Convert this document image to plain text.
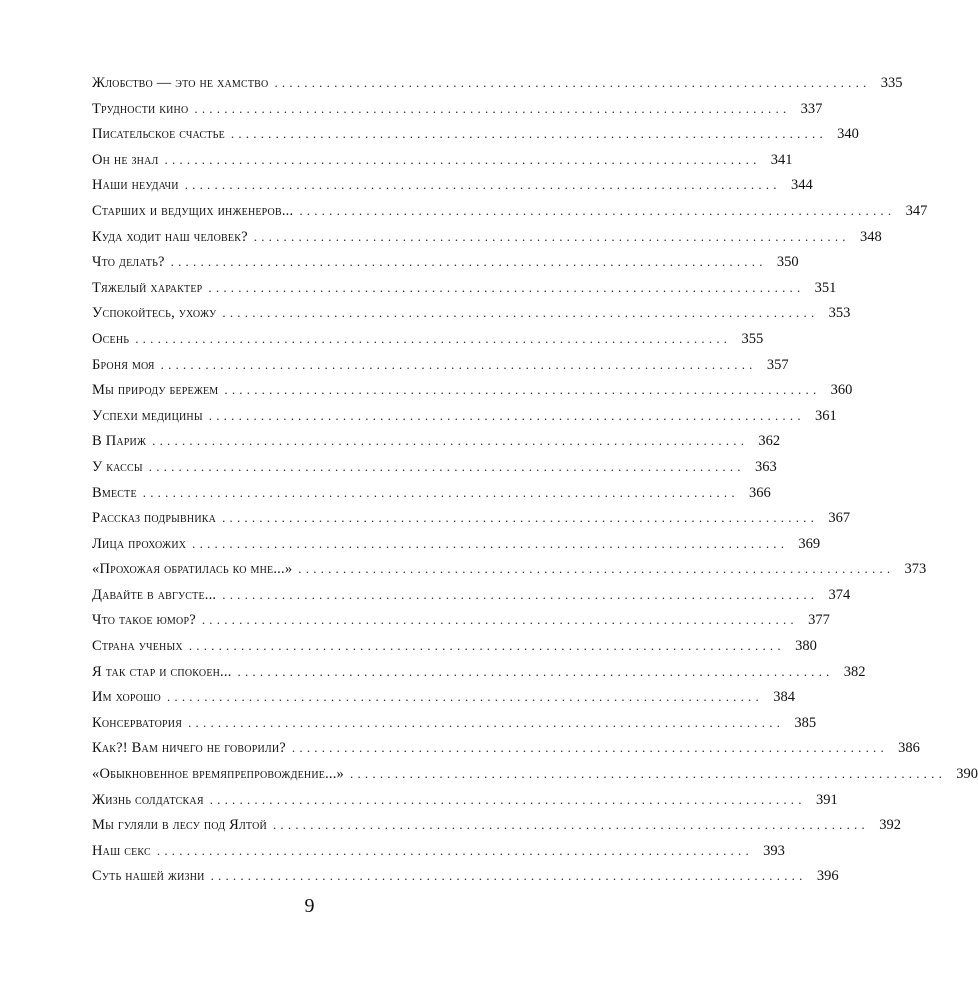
Жлобство — это не хамство ................................................................................ 335
Трудности кино ................................................................................ 337
Писательское счастье ................................................................................ 340
Он не знал ................................................................................ 341
Наши неудачи ................................................................................ 344
Старших и ведущих инженеров... ................................................................................ 347
Куда ходит наш человек? ................................................................................ 348
Что делать? ................................................................................ 350
Тяжелый характер ................................................................................ 351
Успокойтесь, ухожу ................................................................................ 353
Осень ................................................................................ 355
Броня моя ................................................................................ 357
Мы природу бережем ................................................................................ 360
Успехи медицины ................................................................................ 361
В Париж ................................................................................ 362
У кассы ................................................................................ 363
Вместе ................................................................................ 366
Рассказ подрывника ................................................................................ 367
Лица прохожих ................................................................................ 369
«Прохожая обратилась ко мне...» ................................................................................ 373
Давайте в августе... ................................................................................ 374
Что такое юмор? ................................................................................ 377
Страна ученых ................................................................................ 380
Я так стар и спокоен... ................................................................................ 382
Им хорошо ................................................................................ 384
Консерватория ................................................................................ 385
Как?! Вам ничего не говорили? ................................................................................ 386
«Обыкновенное времяпрепровождение...» ................................................................................ 390
Жизнь солдатская ................................................................................ 391
Мы гуляли в лесу под Ялтой ................................................................................ 392
Наш секс ................................................................................ 393
Суть нашей жизни ................................................................................ 396
9
